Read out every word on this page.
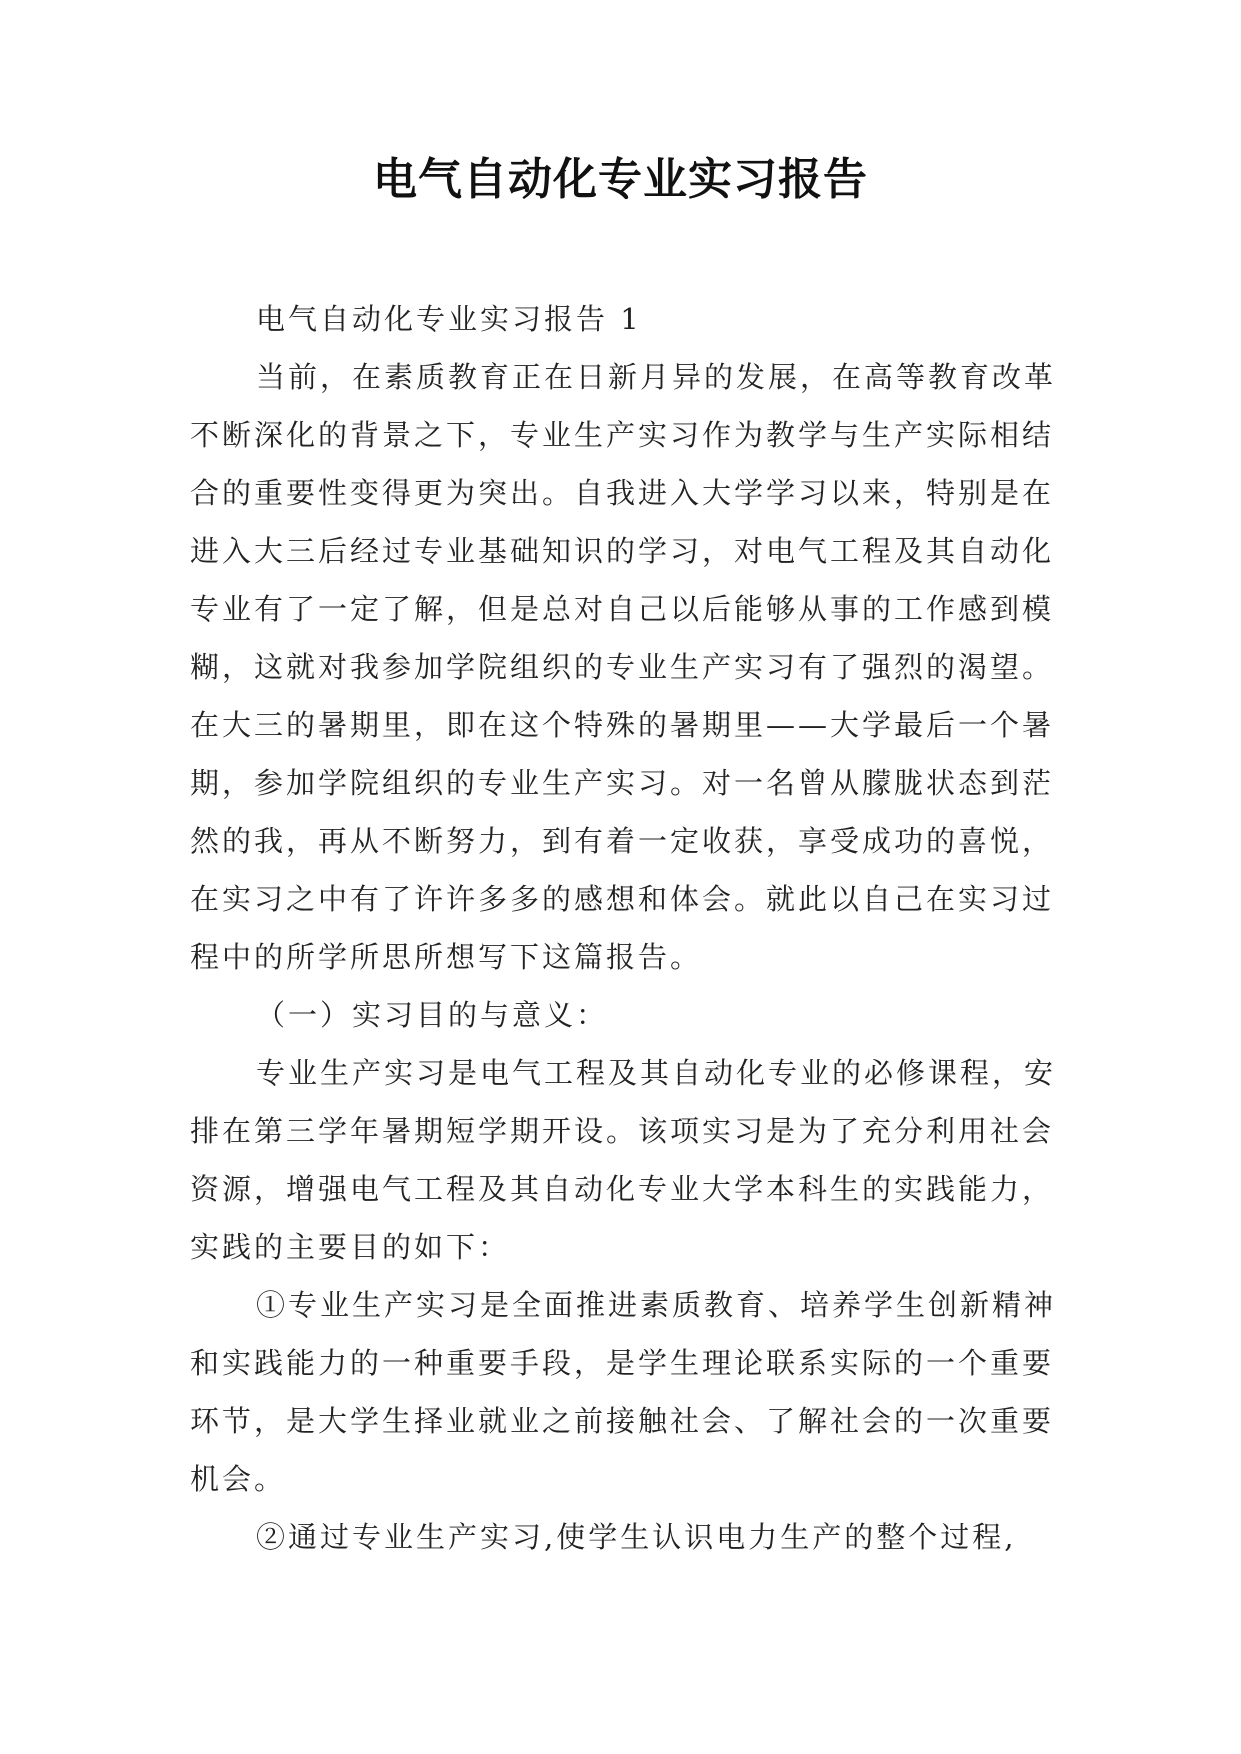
电气自动化专业实习报告

电气自动化专业实习报告 1

当前，在素质教育正在日新月异的发展，在高等教育改革不断深化的背景之下，专业生产实习作为教学与生产实际相结合的重要性变得更为突出。自我进入大学学习以来，特别是在进入大三后经过专业基础知识的学习，对电气工程及其自动化专业有了一定了解，但是总对自己以后能够从事的工作感到模糊，这就对我参加学院组织的专业生产实习有了强烈的渴望。在大三的暑期里，即在这个特殊的暑期里——大学最后一个暑期，参加学院组织的专业生产实习。对一名曾从朦胧状态到茫然的我，再从不断努力，到有着一定收获，享受成功的喜悦，在实习之中有了许许多多的感想和体会。就此以自己在实习过程中的所学所思所想写下这篇报告。

（一）实习目的与意义：

专业生产实习是电气工程及其自动化专业的必修课程，安排在第三学年暑期短学期开设。该项实习是为了充分利用社会资源，增强电气工程及其自动化专业大学本科生的实践能力，实践的主要目的如下：

①专业生产实习是全面推进素质教育、培养学生创新精神和实践能力的一种重要手段，是学生理论联系实际的一个重要环节，是大学生择业就业之前接触社会、了解社会的一次重要机会。

②通过专业生产实习,使学生认识电力生产的整个过程,
